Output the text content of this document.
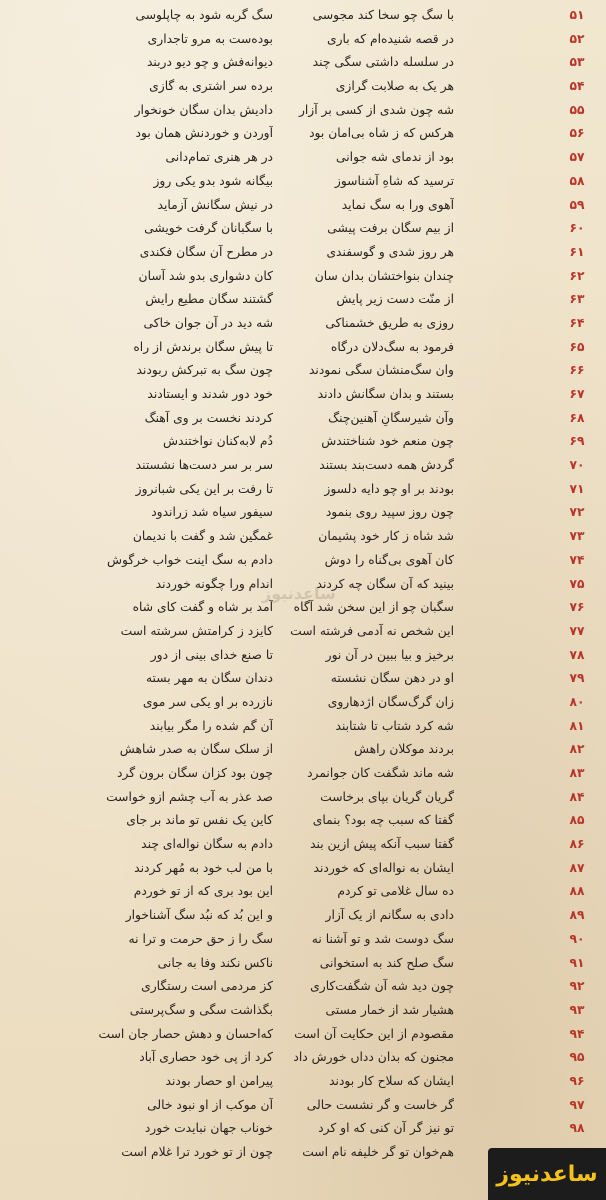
۵۱
با سگ چو سخا کند مجوسی
سگ گربه شود به چاپلوسی
۵۲
در قصه شنیده‌ام که باری
بوده‌ست به مرو تاجداری
۵۳
در سلسله داشتی سگی چند
دیوانه‌فش و چو دیو دربند
۵۴
هر یک به صلابت گرازی
برده سر اشتری به گازی
۵۵
شه چون شدی از کسی بر آزار
دادیش بدان سگان خونخوار
۵۶
هرکس که ز شاه بی‌امان بود
آوردن و خوردنش همان بود
۵۷
بود از ندمای شه جوانی
در هر هنری تمام‌دانی
۵۸
ترسید که شاهِ آشناسوز
بیگانه شود بدو یکی روز
۵۹
آهوی ورا به سگ نماید
در نیش سگانش آزماید
۶۰
از بیم سگان برفت پیشی
با سگبانان گرفت خویشی
۶۱
هر روز شدی و گوسفندی
در مطرح آن سگان فکندی
۶۲
چندان بنواختشان بدان سان
کان دشواری بدو شد آسان
۶۳
از منّت دست زیر پایش
گشتند سگان مطیع رایش
۶۴
روزی به طریق خشمناکی
شه دید در آن جوان خاکی
۶۵
فرمود به سگ‌دلان درگاه
تا پیش سگان برندش از راه
۶۶
وان سگ‌منشان سگی نمودند
چون سگ به تبرکش ربودند
۶۷
بستند و بدان سگانش دادند
خود دور شدند و ایستادند
۶۸
وآن شیرسگانِ آهنین‌چنگ
کردند نخست بر وی آهنگ
۶۹
چون منعم خود شناختندش
دُم لابه‌کنان نواختندش
۷۰
گردش همه دست‌بند بستند
سر بر سر دست‌ها نشستند
۷۱
بودند بر او چو دایه دلسوز
تا رفت بر این یکی شبانروز
۷۲
چون روز سپید روی بنمود
سیفور سیاه شد زراندود
۷۳
شد شاه ز کار خود پشیمان
غمگین شد و گفت با ندیمان
۷۴
کان آهوی بی‌گناه را دوش
دادم به سگ اینت خواب خرگوش
۷۵
بینید که آن سگان چه کردند
اندام ورا چگونه خوردند
۷۶
سگبان چو از این سخن شد آگاه
آمد بر شاه و گفت کای شاه
۷۷
این شخص نه آدمی فرشته است
کایزد ز کرامتش سرشته است
۷۸
برخیز و بیا ببین در آن نور
تا صنع خدای بینی از دور
۷۹
او در دهن سگان نشسته
دندان سگان به مهر بسته
۸۰
زان گرگ‌سگان اژدهاروی
نازرده بر او یکی سر موی
۸۱
شه کرد شتاب تا شتابند
آن گم شده را مگر بیابند
۸۲
بردند موکلان راهش
از سلک سگان به صدر شاهش
۸۳
شه ماند شگفت کان جوانمرد
چون بود کزان سگان برون گرد
۸۴
گریان گریان بپای برخاست
صد عذر به آب چشم ازو خواست
۸۵
گفتا که سبب چه بود؟ بنمای
کاین یک نفس تو ماند بر جای
۸۶
گفتا سبب آنکه پیش ازین بند
دادم به سگان نواله‌ای چند
۸۷
ایشان به نواله‌ای که خوردند
با من لب خود به مُهر کردند
۸۸
ده سال غلامی تو کردم
این بود بری که از تو خوردم
۸۹
دادی به سگانم از یک آزار
و این بُد که نبُد سگ آشناخوار
۹۰
سگ دوست شد و تو آشنا نه
سگ را ز حق حرمت و ترا نه
۹۱
سگ صلح کند به استخوانی
ناکس نکند وفا به جانی
۹۲
چون دید شه آن شگفت‌کاری
کز مردمی است رستگاری
۹۳
هشیار شد از خمار مستی
بگذاشت سگی و سگ‌پرستی
۹۴
مقصودم از این حکایت آن است
که‌احسان و دهش حصار جان است
۹۵
مجنون که بدان دداں خورش داد
کرد از پی خود حصاری آباد
۹۶
ایشان که سلاح کار بودند
پیرامن او حصار بودند
۹۷
گر خاست و گر نشست حالی
آن موکب از او نبود خالی
۹۸
تو نیز گر آن کنی که او کرد
خوناب جهان نبایدت خورد
هم‌خوان تو گر خلیفه نام است
چون از تو خورد ترا غلام است
ساعدنیوز
ساعدنیوز
